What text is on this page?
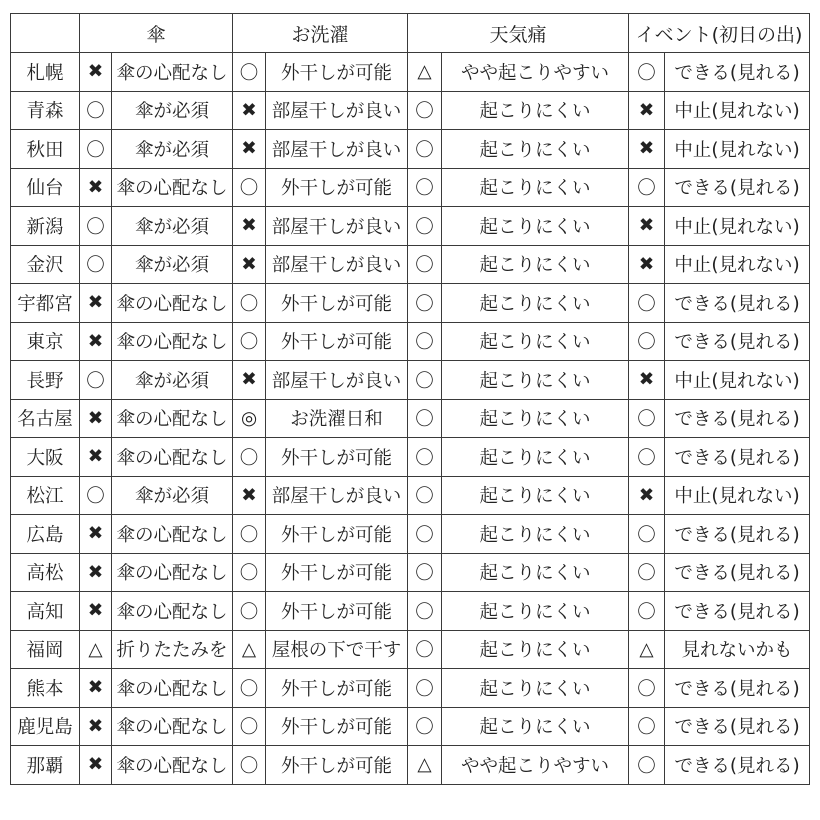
	傘		お洗濯		天気痛		イベント(初日の出)	
札幌	✖	傘の心配なし	〇	外干しが可能	△	やや起こりやすい	〇	できる(見れる)
青森	〇	傘が必須	✖	部屋干しが良い	〇	起こりにくい	✖	中止(見れない)
秋田	〇	傘が必須	✖	部屋干しが良い	〇	起こりにくい	✖	中止(見れない)
仙台	✖	傘の心配なし	〇	外干しが可能	〇	起こりにくい	〇	できる(見れる)
新潟	〇	傘が必須	✖	部屋干しが良い	〇	起こりにくい	✖	中止(見れない)
金沢	〇	傘が必須	✖	部屋干しが良い	〇	起こりにくい	✖	中止(見れない)
宇都宮	✖	傘の心配なし	〇	外干しが可能	〇	起こりにくい	〇	できる(見れる)
東京	✖	傘の心配なし	〇	外干しが可能	〇	起こりにくい	〇	できる(見れる)
長野	〇	傘が必須	✖	部屋干しが良い	〇	起こりにくい	✖	中止(見れない)
名古屋	✖	傘の心配なし	◎	お洗濯日和	〇	起こりにくい	〇	できる(見れる)
大阪	✖	傘の心配なし	〇	外干しが可能	〇	起こりにくい	〇	できる(見れる)
松江	〇	傘が必須	✖	部屋干しが良い	〇	起こりにくい	✖	中止(見れない)
広島	✖	傘の心配なし	〇	外干しが可能	〇	起こりにくい	〇	できる(見れる)
高松	✖	傘の心配なし	〇	外干しが可能	〇	起こりにくい	〇	できる(見れる)
高知	✖	傘の心配なし	〇	外干しが可能	〇	起こりにくい	〇	できる(見れる)
福岡	△	折りたたみを	△	屋根の下で干す	〇	起こりにくい	△	見れないかも
熊本	✖	傘の心配なし	〇	外干しが可能	〇	起こりにくい	〇	できる(見れる)
鹿児島	✖	傘の心配なし	〇	外干しが可能	〇	起こりにくい	〇	できる(見れる)
那覇	✖	傘の心配なし	〇	外干しが可能	△	やや起こりやすい	〇	できる(見れる)
